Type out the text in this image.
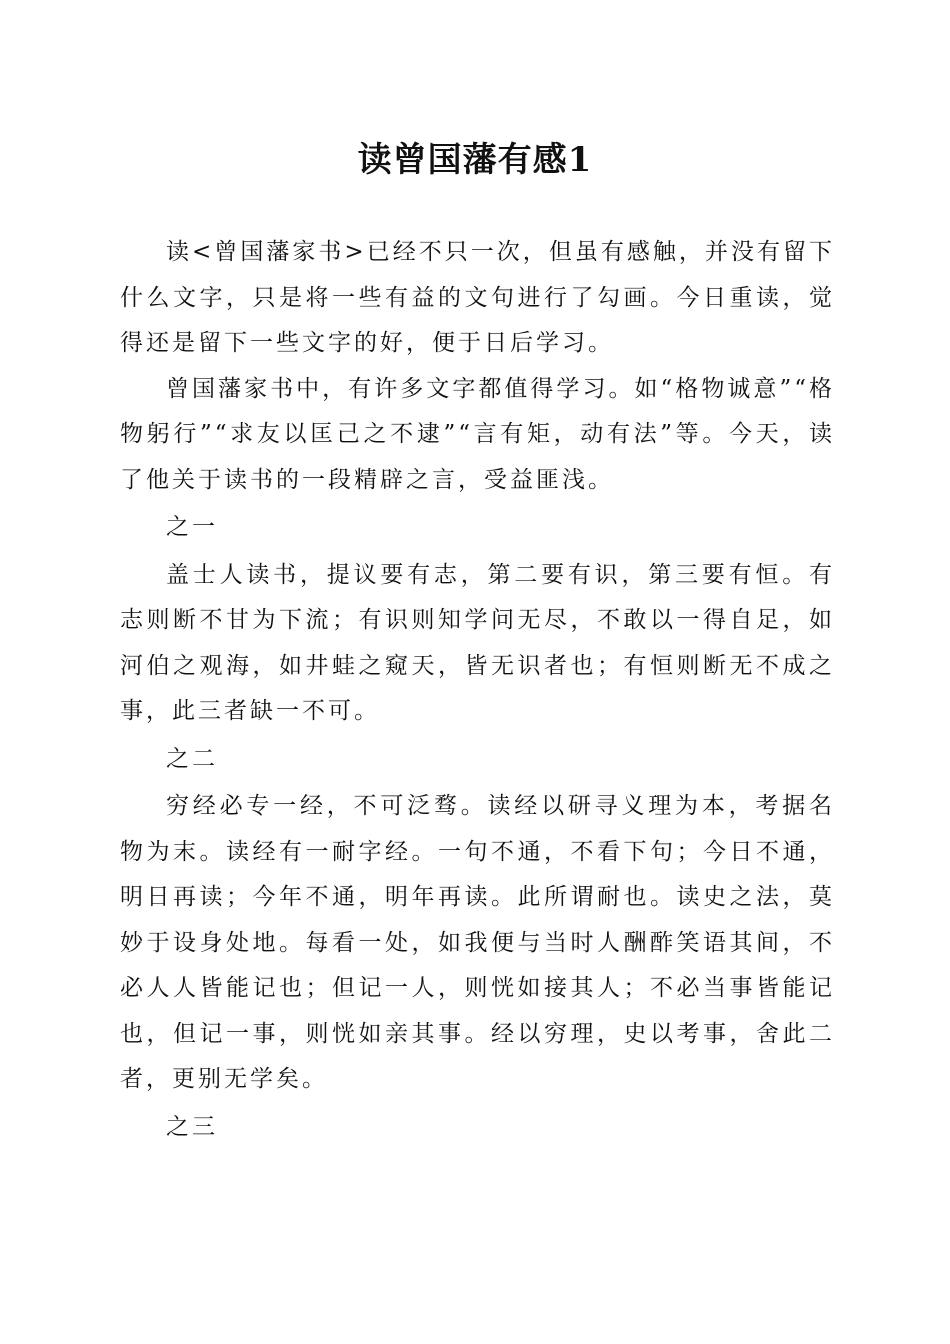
读曾国藩有感1

读<曾国藩家书>已经不只一次，但虽有感触，并没有留下什么文字，只是将一些有益的文句进行了勾画。今日重读，觉得还是留下一些文字的好，便于日后学习。

曾国藩家书中，有许多文字都值得学习。如“格物诚意”“格物躬行”“求友以匡己之不逮”“言有矩，动有法”等。今天，读了他关于读书的一段精辟之言，受益匪浅。

之一

盖士人读书，提议要有志，第二要有识，第三要有恒。有志则断不甘为下流；有识则知学问无尽，不敢以一得自足，如河伯之观海，如井蛙之窥天，皆无识者也；有恒则断无不成之事，此三者缺一不可。

之二

穷经必专一经，不可泛骛。读经以研寻义理为本，考据名物为末。读经有一耐字经。一句不通，不看下句；今日不通，明日再读；今年不通，明年再读。此所谓耐也。读史之法，莫妙于设身处地。每看一处，如我便与当时人酬酢笑语其间，不必人人皆能记也；但记一人，则恍如接其人；不必当事皆能记也，但记一事，则恍如亲其事。经以穷理，史以考事，舍此二者，更别无学矣。

之三
